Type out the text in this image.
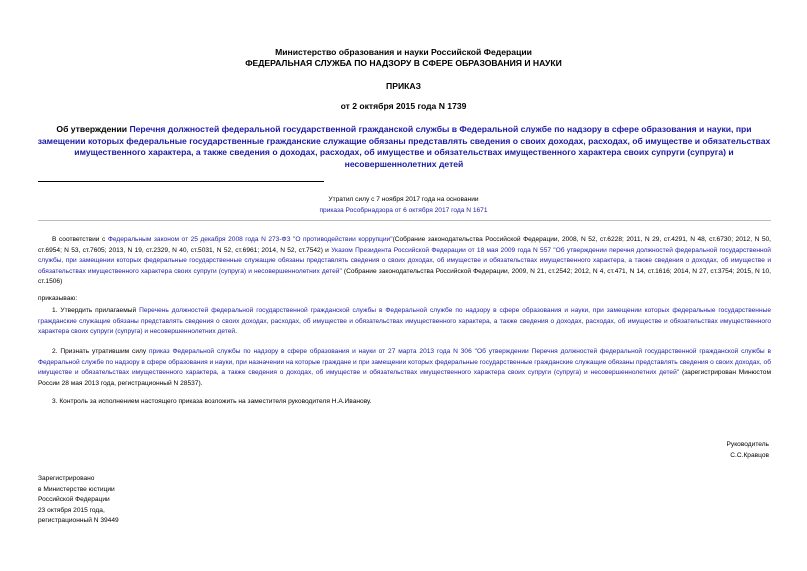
Министерство образования и науки Российской Федерации
ФЕДЕРАЛЬНАЯ СЛУЖБА ПО НАДЗОРУ В СФЕРЕ ОБРАЗОВАНИЯ И НАУКИ
ПРИКАЗ
от 2 октября 2015 года N 1739
Об утверждении Перечня должностей федеральной государственной гражданской службы в Федеральной службе по надзору в сфере образования и науки, при замещении которых федеральные государственные гражданские служащие обязаны представлять сведения о своих доходах, расходах, об имуществе и обязательствах имущественного характера, а также сведения о доходах, расходах, об имуществе и обязательствах имущественного характера своих супруги (супруга) и несовершеннолетних детей
Утратил силу с 7 ноября 2017 года на основании
приказа Рособрнадзора от 6 октября 2017 года N 1671
В соответствии с Федеральным законом от 25 декабря 2008 года N 273-ФЗ "О противодействии коррупции"(Собрание законодательства Российской Федерации, 2008, N 52, ст.6228; 2011, N 29, ст.4291, N 48, ст.6730; 2012, N 50, ст.6954; N 53, ст.7605; 2013, N 19, ст.2329, N 40, ст.5031, N 52, ст.6961; 2014, N 52, ст.7542) и Указом Президента Российской Федерации от 18 мая 2009 года N 557 "Об утверждении перечня должностей федеральной государственной службы, при замещении которых федеральные государственные служащие обязаны представлять сведения о своих доходах, об имуществе и обязательствах имущественного характера, а также сведения о доходах, об имуществе и обязательствах имущественного характера своих супруги (супруга) и несовершеннолетних детей" (Собрание законодательства Российской Федерации, 2009, N 21, ст.2542; 2012, N 4, ст.471, N 14, ст.1616; 2014, N 27, ст.3754; 2015, N 10, ст.1506)
приказываю:
1. Утвердить прилагаемый Перечень должностей федеральной государственной гражданской службы в Федеральной службе по надзору в сфере образования и науки, при замещении которых федеральные государственные гражданские служащие обязаны представлять сведения о своих доходах, расходах, об имуществе и обязательствах имущественного характера, а также сведения о доходах, расходах, об имуществе и обязательствах имущественного характера своих супруги (супруга) и несовершеннолетних детей.
2. Признать утратившим силу приказ Федеральной службы по надзору в сфере образования и науки от 27 марта 2013 года N 306 "Об утверждении Перечня должностей федеральной государственной гражданской службы в Федеральной службе по надзору в сфере образования и науки, при назначении на которые граждане и при замещении которых федеральные государственные гражданские служащие обязаны представлять сведения о своих доходах, об имуществе и обязательствах имущественного характера, а также сведения о доходах, об имуществе и обязательствах имущественного характера своих супруги (супруга) и несовершеннолетних детей" (зарегистрирован Минюстом России 28 мая 2013 года, регистрационный N 28537).
3. Контроль за исполнением настоящего приказа возложить на заместителя руководителя Н.А.Иванову.
Руководитель
С.С.Кравцов
Зарегистрировано
в Министерстве юстиции
Российской Федерации
23 октября 2015 года,
регистрационный N 39449
